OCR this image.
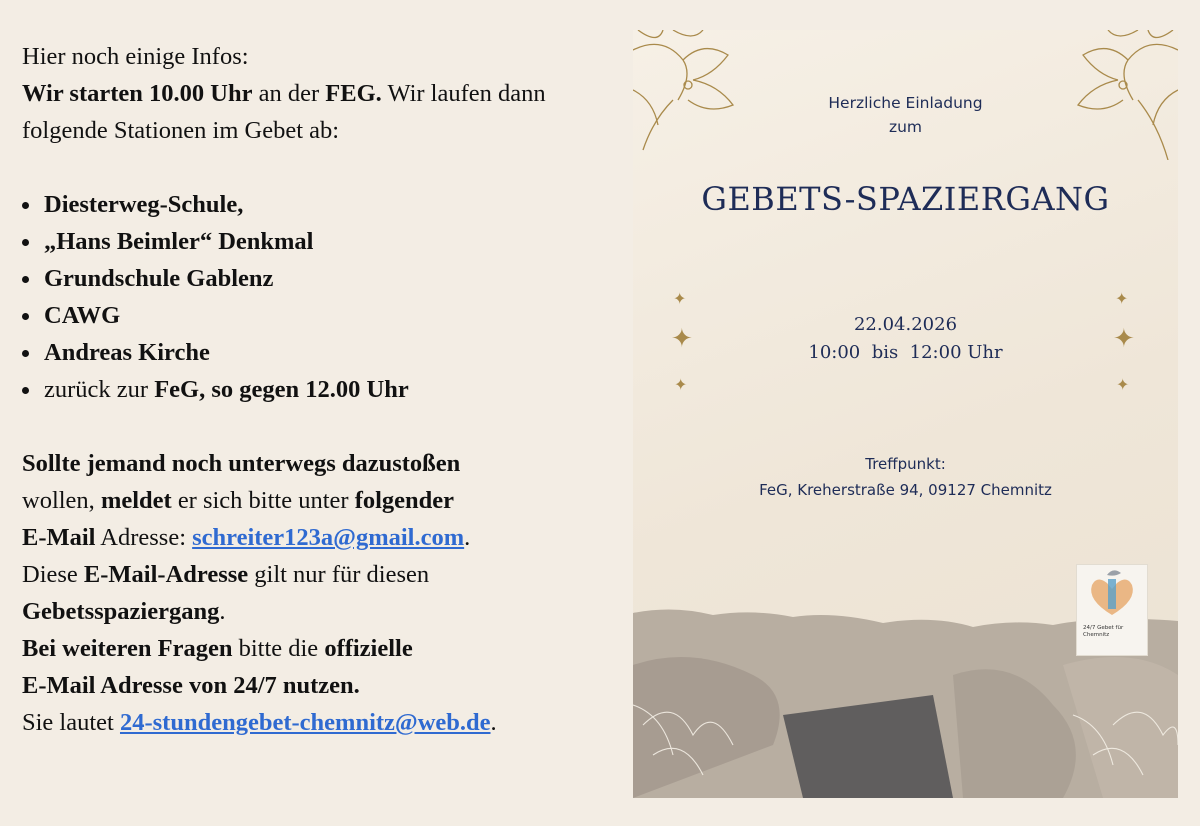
Hier noch einige Infos:
Wir starten 10.00 Uhr an der FEG. Wir laufen dann folgende Stationen im Gebet ab:

Diesterweg-Schule,
„Hans Beimler“ Denkmal
Grundschule Gablenz
CAWG
Andreas Kirche
zurück zur FeG, so gegen 12.00 Uhr

Sollte jemand noch unterwegs dazustoßen
wollen, meldet er sich bitte unter folgender
E-Mail Adresse: schreiter123a@gmail.com.
Diese E-Mail-Adresse gilt nur für diesen
Gebetsspaziergang.
Bei weiteren Fragen bitte die offizielle
E-Mail Adresse von 24/7 nutzen.
Sie lautet 24-stundengebet-chemnitz@web.de.

Herzliche Einladung
zum
GEBETS-SPAZIERGANG
✦
✦
✦
✦
✦
✦
22.04.2026
10:00  bis  12:00 Uhr
Treffpunkt:
FeG, Kreherstraße 94, 09127 Chemnitz
24/7 Gebet für Chemnitz
